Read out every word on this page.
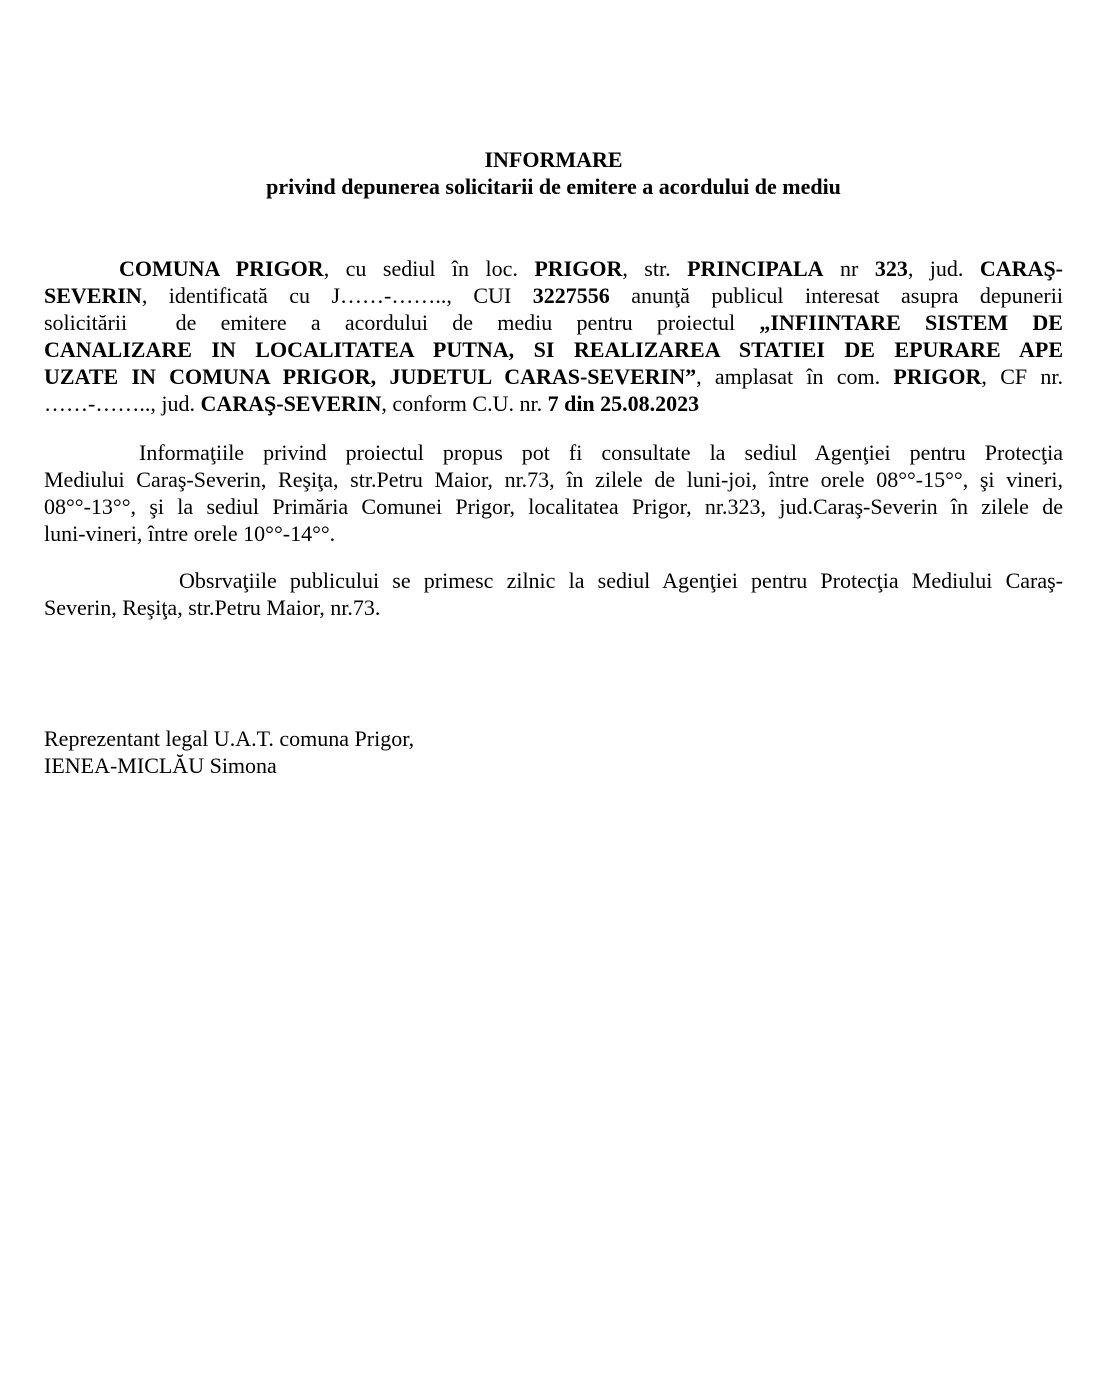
INFORMARE
privind depunerea solicitarii de emitere a acordului de mediu
COMUNA PRIGOR, cu sediul în loc. PRIGOR, str. PRINCIPALA nr 323, jud. CARAŞ-
SEVERIN, identificată cu J……-…….., CUI 3227556 anunţă publicul interesat asupra depunerii
solicitării  de emitere a acordului de mediu pentru proiectul „INFIINTARE SISTEM DE
CANALIZARE IN LOCALITATEA PUTNA, SI REALIZAREA STATIEI DE EPURARE APE
UZATE IN COMUNA PRIGOR, JUDETUL CARAS-SEVERIN”, amplasat în com. PRIGOR, CF nr.
……-…….., jud. CARAŞ-SEVERIN, conform C.U. nr. 7 din 25.08.2023
Informaţiile privind proiectul propus pot fi consultate la sediul Agenţiei pentru Protecţia
Mediului Caraş-Severin, Reşiţa, str.Petru Maior, nr.73, în zilele de luni-joi, între orele 08°°-15°°, şi vineri,
08°°-13°°, şi la sediul Primăria Comunei Prigor, localitatea Prigor, nr.323, jud.Caraş-Severin în zilele de
luni-vineri, între orele 10°°-14°°.
Obsrvaţiile publicului se primesc zilnic la sediul Agenţiei pentru Protecţia Mediului Caraş-
Severin, Reşiţa, str.Petru Maior, nr.73.
Reprezentant legal U.A.T. comuna Prigor,
IENEA-MICLĂU Simona
